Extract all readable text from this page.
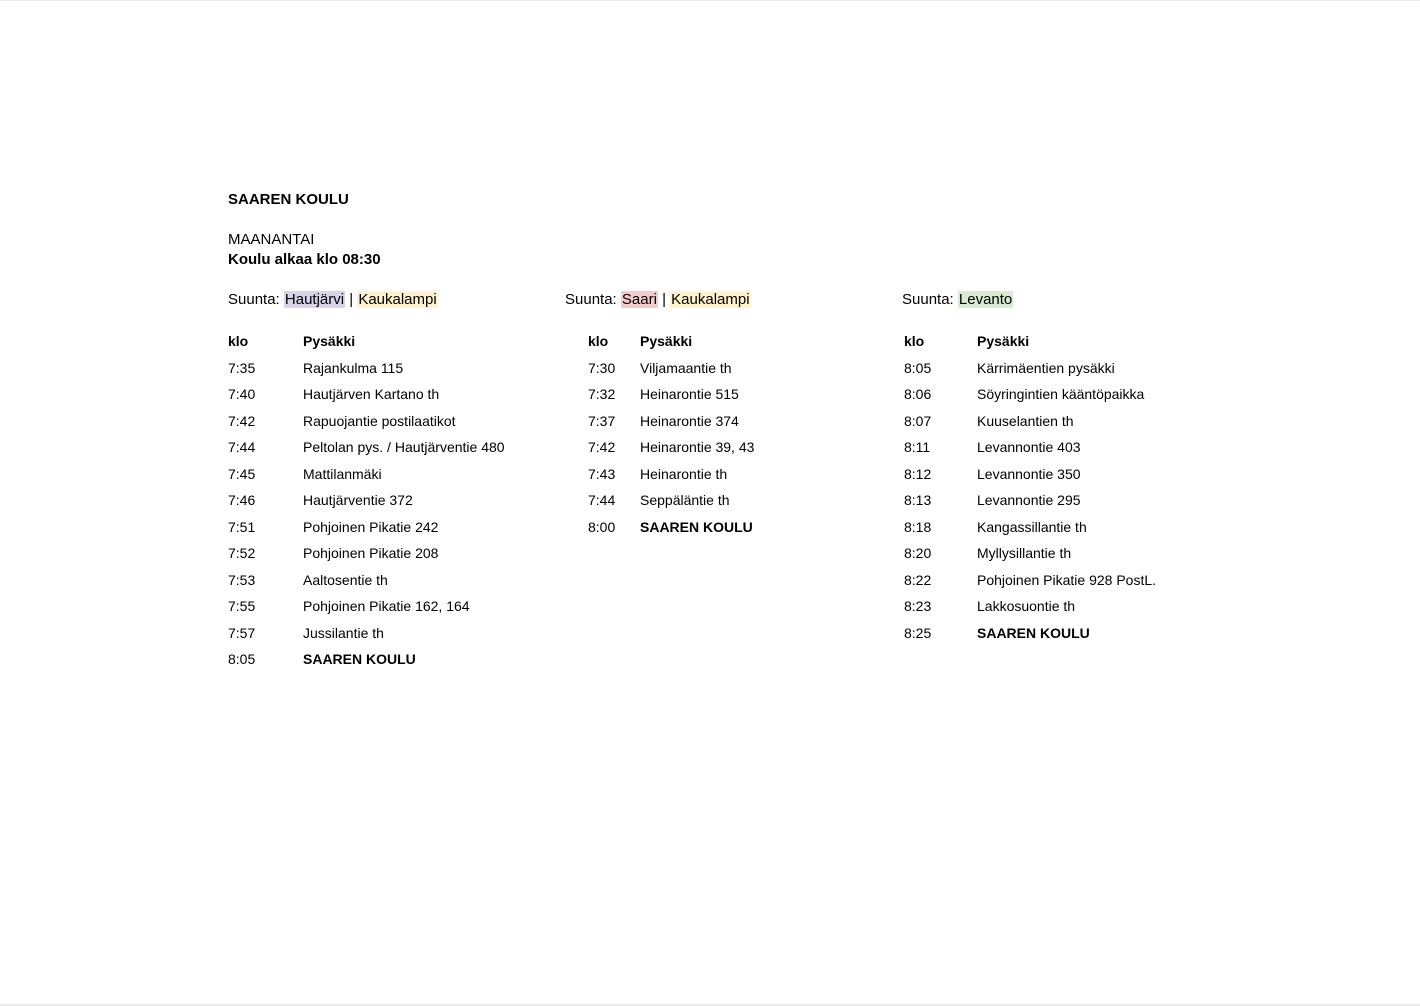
SAAREN KOULU
MAANANTAI
Koulu alkaa klo 08:30
Suunta: Hautjärvi | Kaukalampi
klo	Pysäkki
7:35	Rajankulma 115
7:40	Hautjärven Kartano th
7:42	Rapuojantie postilaatikot
7:44	Peltolan pys. / Hautjärventie 480
7:45	Mattilanmäki
7:46	Hautjärventie 372
7:51	Pohjoinen Pikatie 242
7:52	Pohjoinen Pikatie 208
7:53	Aaltosentie th
7:55	Pohjoinen Pikatie 162, 164
7:57	Jussilantie th
8:05	SAAREN KOULU
Suunta: Saari | Kaukalampi
klo Pysäkki
7:30 Viljamaantie th
7:32 Heinarontie 515
7:37 Heinarontie 374
7:42 Heinarontie 39, 43
7:43 Heinarontie th
7:44 Seppäläntie th
8:00 SAAREN KOULU
Suunta: Levanto
klo	Pysäkki
8:05	Kärrimäentien pysäkki
8:06	Söyringintien kääntöpaikka
8:07	Kuuselantien th
8:11	Levannontie 403
8:12	Levannontie 350
8:13	Levannontie 295
8:18	Kangassillantie th
8:20	Myllysillantie th
8:22	Pohjoinen Pikatie 928 PostL.
8:23	Lakkosuontie th
8:25	SAAREN KOULU
